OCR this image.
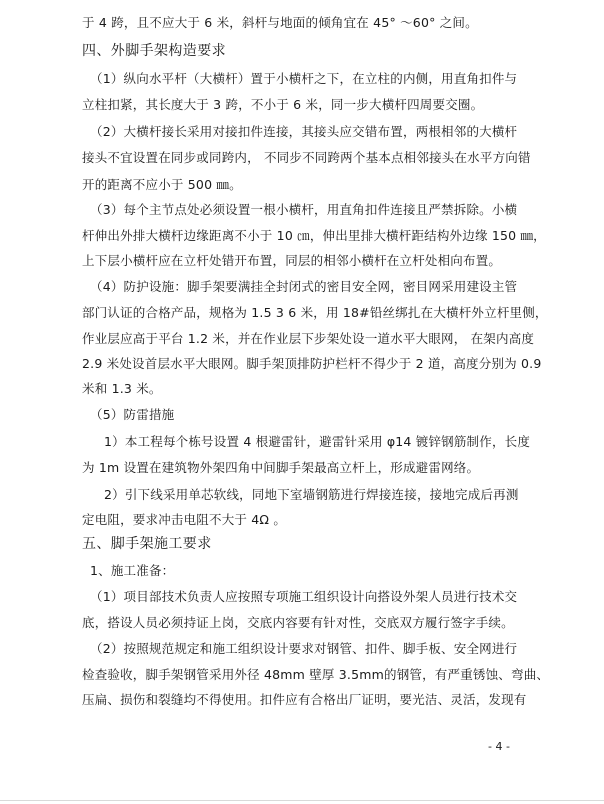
于 4 跨，且不应大于 6 米，斜杆与地面的倾角宜在 45° ～60° 之间。
四、外脚手架构造要求
（1）纵向水平杆（大横杆）置于小横杆之下，在立柱的内侧，用直角扣件与
立柱扣紧，其长度大于 3 跨，不小于 6 米，同一步大横杆四周要交圈。
（2）大横杆接长采用对接扣件连接，其接头应交错布置，两根相邻的大横杆
接头不宜设置在同步或同跨内， 不同步不同跨两个基本点相邻接头在水平方向错
开的距离不应小于 500 ㎜。
（3）每个主节点处必须设置一根小横杆，用直角扣件连接且严禁拆除。小横
杆伸出外排大横杆边缘距离不小于 10 ㎝，伸出里排大横杆距结构外边缘 150 ㎜，
上下层小横杆应在立杆处错开布置，同层的相邻小横杆在立杆处相向布置。
（4）防护设施：脚手架要满挂全封闭式的密目安全网，密目网采用建设主管
部门认证的合格产品，规格为 1.5 3 6 米，用 18#铅丝绑扎在大横杆外立杆里侧，
作业层应高于平台 1.2 米，并在作业层下步架处设一道水平大眼网， 在架内高度
2.9 米处设首层水平大眼网。脚手架顶排防护栏杆不得少于 2 道，高度分别为 0.9
米和 1.3 米。
（5）防雷措施
1）本工程每个栋号设置 4 根避雷针，避雷针采用 φ14 镀锌钢筋制作，长度
为 1m 设置在建筑物外架四角中间脚手架最高立杆上，形成避雷网络。
2）引下线采用单芯软线，同地下室墙钢筋进行焊接连接，接地完成后再测
定电阻，要求冲击电阻不大于 4Ω 。
五、脚手架施工要求
1、施工准备：
（1）项目部技术负责人应按照专项施工组织设计向搭设外架人员进行技术交
底，搭设人员必须持证上岗，交底内容要有针对性，交底双方履行签字手续。
（2）按照规范规定和施工组织设计要求对钢管、扣件、脚手板、安全网进行
检查验收，脚手架钢管采用外径 48mm 壁厚 3.5mm的钢管，有严重锈蚀、弯曲、
压扁、损伤和裂缝均不得使用。扣件应有合格出厂证明，要光洁、灵活，发现有
- 4 -
